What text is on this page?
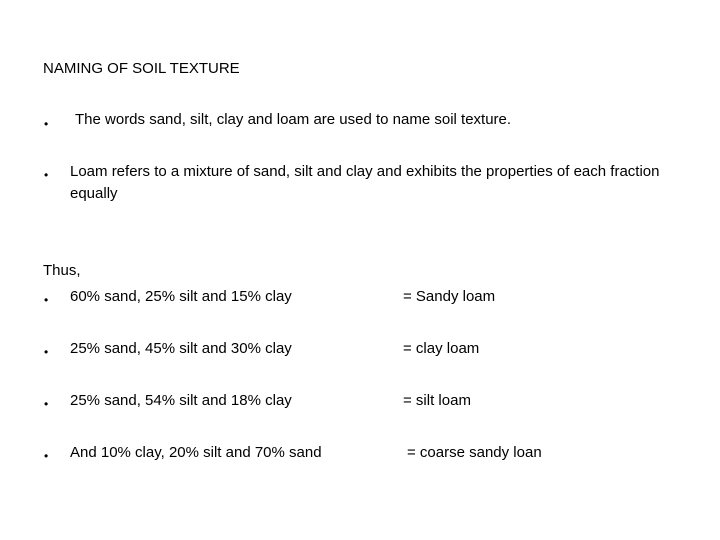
NAMING OF SOIL TEXTURE
• The words sand, silt, clay and loam are used to name soil texture.
• Loam refers to a mixture of sand, silt and clay and exhibits the properties of each fraction equally
Thus,
• 60% sand, 25% silt and 15% clay	= Sandy loam
• 25% sand, 45% silt and 30% clay	= clay loam
• 25% sand, 54% silt and 18% clay	= silt loam
• And 10% clay, 20% silt and 70% sand	= coarse sandy loan
